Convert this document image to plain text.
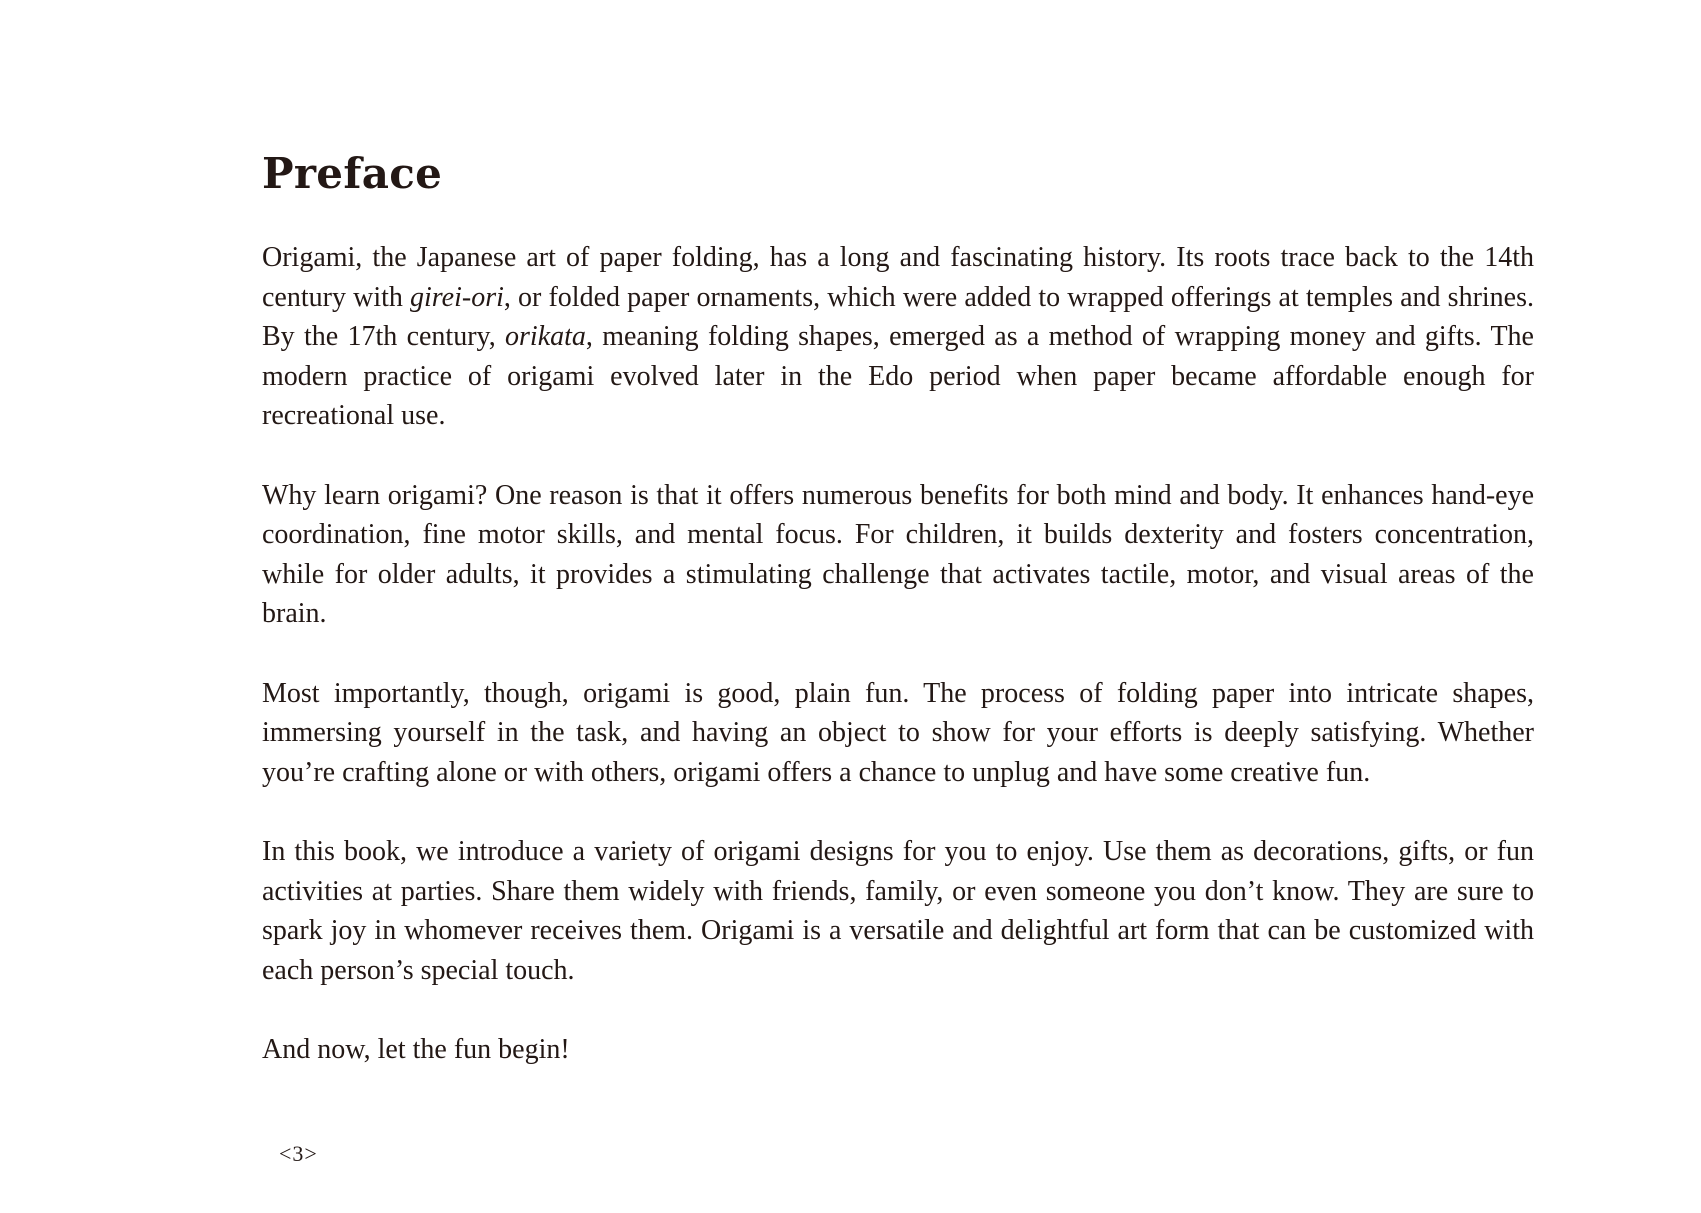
Preface

Origami, the Japanese art of paper folding, has a long and fascinating history. Its roots trace back to the 14th century with girei-ori, or folded paper ornaments, which were added to wrapped offerings at temples and shrines. By the 17th century, orikata, meaning folding shapes, emerged as a method of wrapping money and gifts. The modern practice of origami evolved later in the Edo period when paper became affordable enough for recreational use.

Why learn origami? One reason is that it offers numerous benefits for both mind and body. It enhances hand-eye coordination, fine motor skills, and mental focus. For children, it builds dexterity and fosters concentration, while for older adults, it provides a stimulating challenge that activates tactile, motor, and visual areas of the brain.

Most importantly, though, origami is good, plain fun. The process of folding paper into intricate shapes, immersing yourself in the task, and having an object to show for your efforts is deeply satisfying. Whether you’re crafting alone or with others, origami offers a chance to unplug and have some creative fun.

In this book, we introduce a variety of origami designs for you to enjoy. Use them as decorations, gifts, or fun activities at parties. Share them widely with friends, family, or even someone you don’t know. They are sure to spark joy in whomever receives them. Origami is a versatile and delightful art form that can be customized with each person’s special touch.

And now, let the fun begin!

<3>
